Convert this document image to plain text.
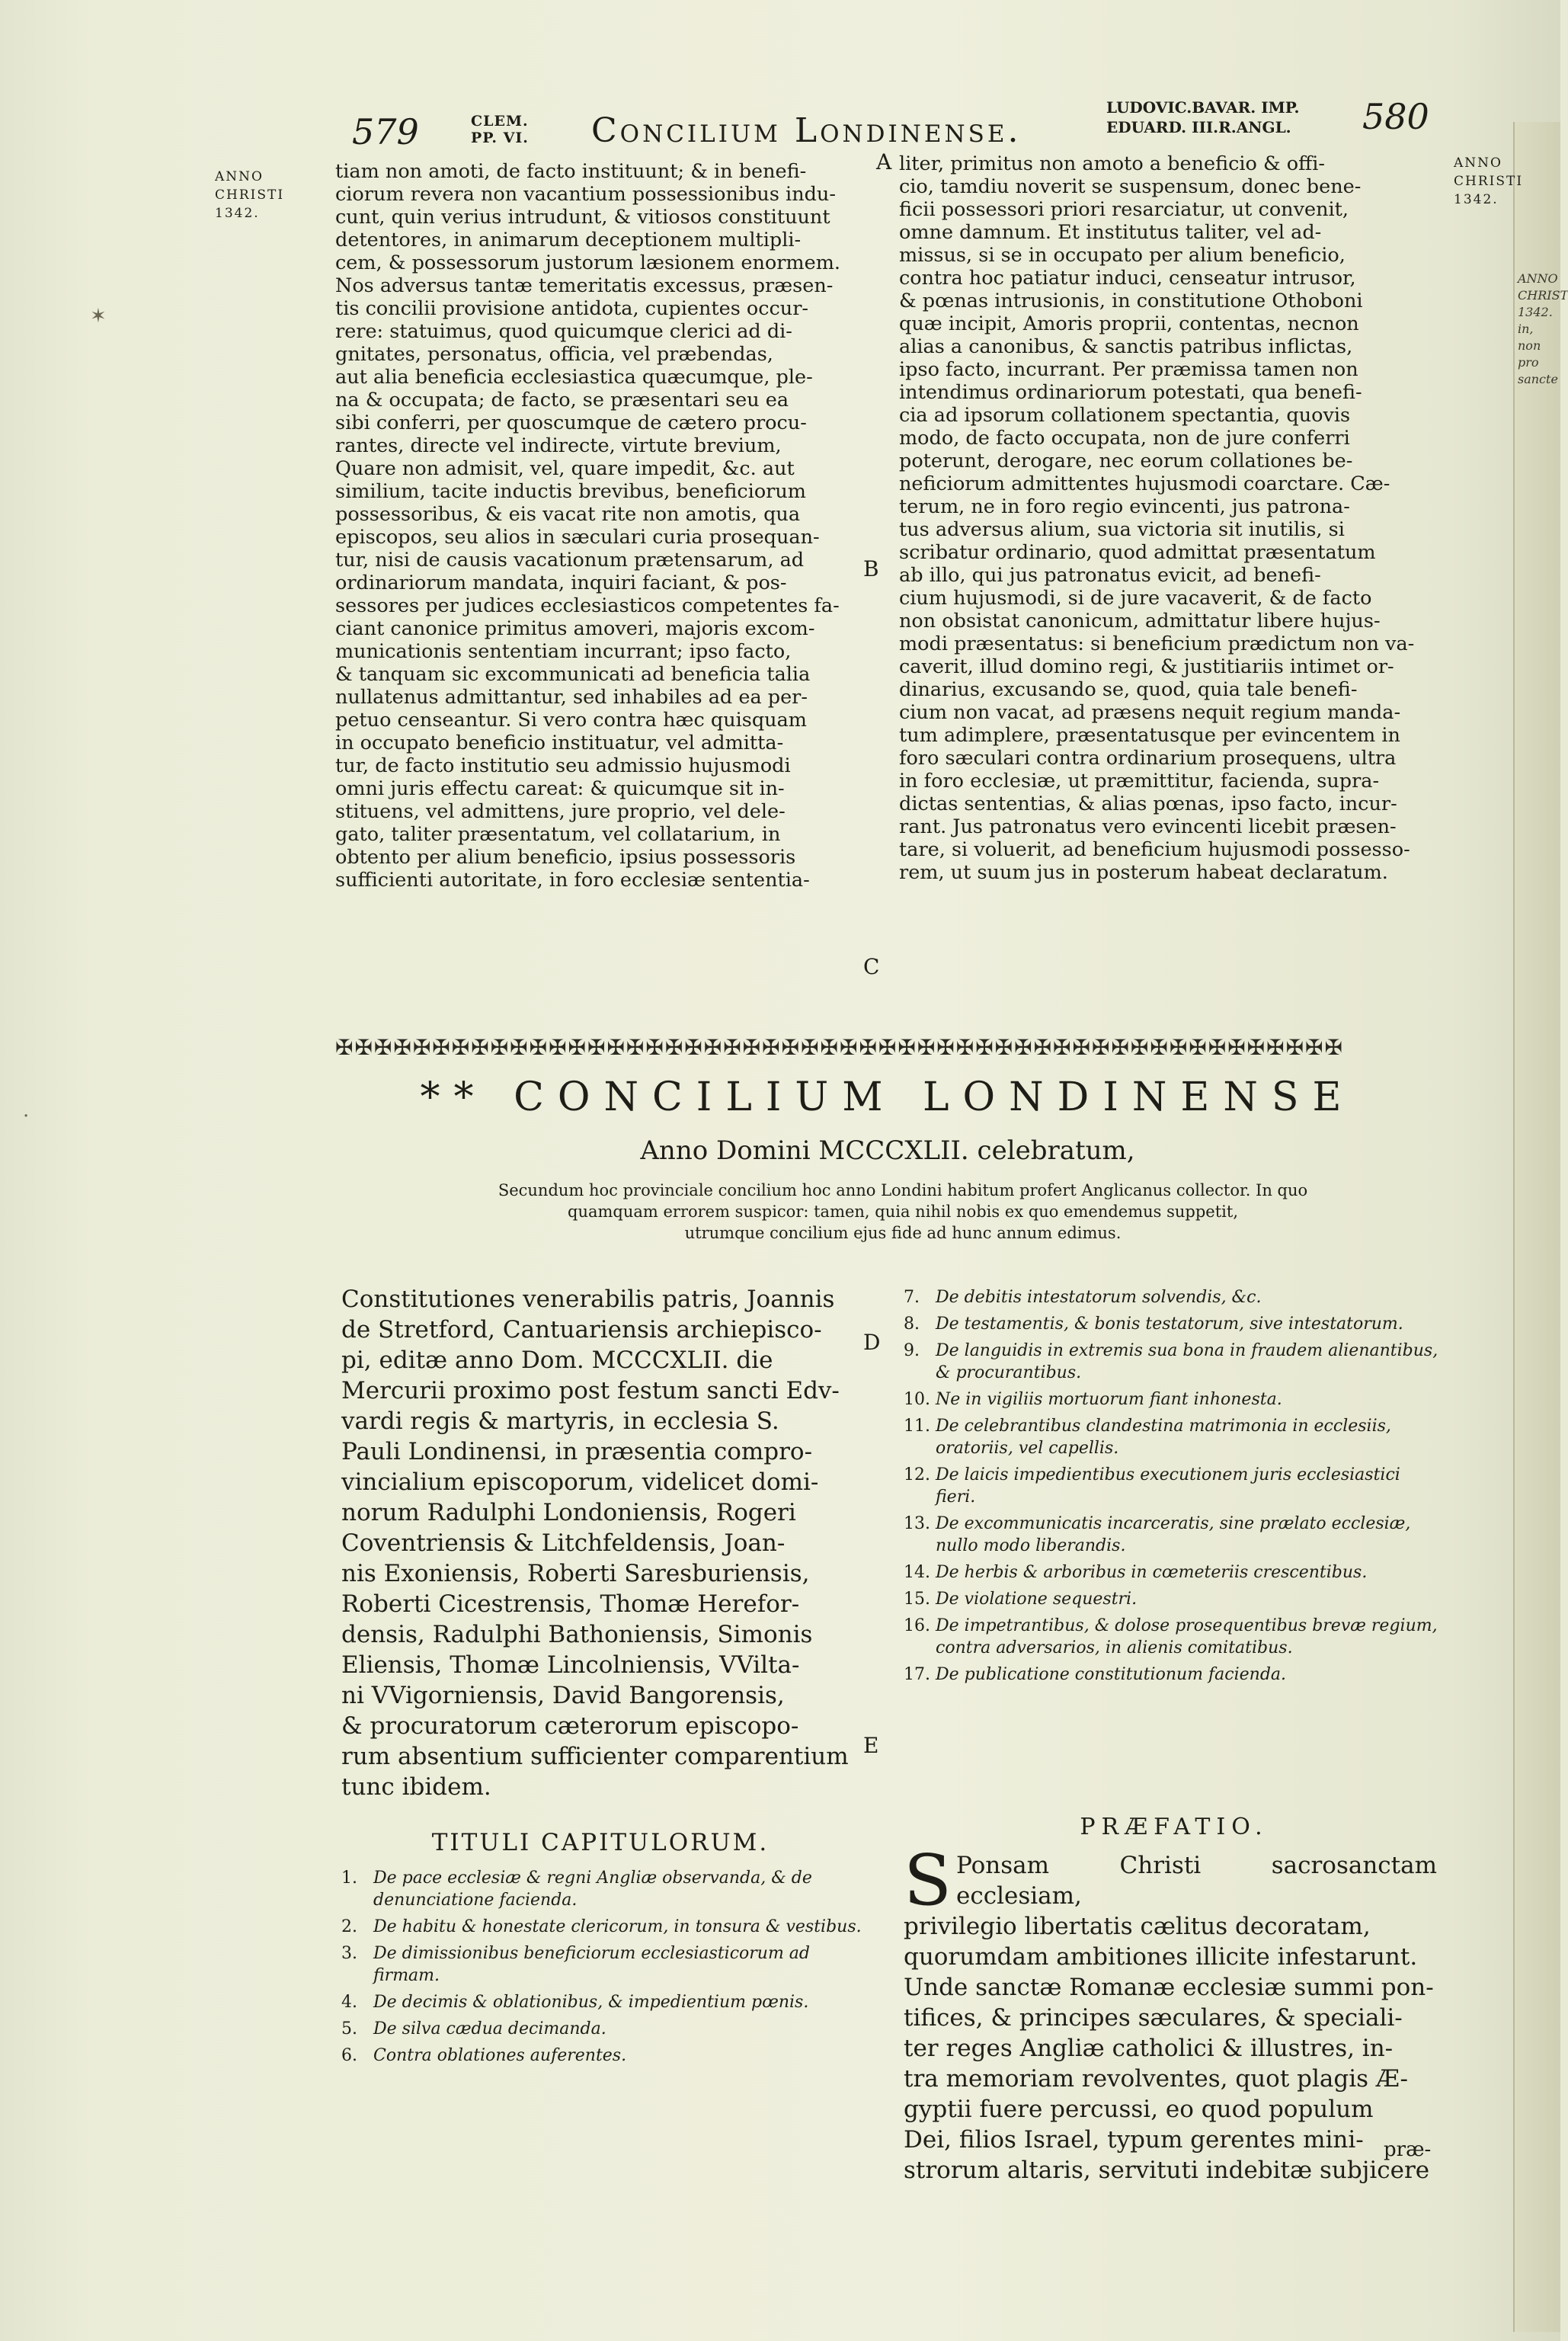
ANNO CHRIST 1342. in, non pro sancte
579	CLEM.
PP. VI. Concilium Londinense.
LUDOVIC.BAVAR. IMP.
EDUARD. III.R.ANGL. 580
ANNO
CHRISTI
1342.
ANNO
CHRISTI
1342.
tiam non amoti, de facto instituunt; & in benefi-
ciorum revera non vacantium possessionibus indu-
cunt, quin verius intrudunt, & vitiosos constituunt
detentores, in animarum deceptionem multipli-
cem, & possessorum justorum læsionem enormem.
Nos adversus tantæ temeritatis excessus, præsen-
tis concilii provisione antidota, cupientes occur-
rere: statuimus, quod quicumque clerici ad di-
gnitates, personatus, officia, vel præbendas,
aut alia beneficia ecclesiastica quæcumque, ple-
na & occupata; de facto, se præsentari seu ea
sibi conferri, per quoscumque de cætero procu-
rantes, directe vel indirecte, virtute brevium,
Quare non admisit, vel, quare impedit, &c. aut
similium, tacite inductis brevibus, beneficiorum
possessoribus, & eis vacat rite non amotis, qua
episcopos, seu alios in sæculari curia prosequan-
tur, nisi de causis vacationum prætensarum, ad
ordinariorum mandata, inquiri faciant, & pos-
sessores per judices ecclesiasticos competentes fa-
ciant canonice primitus amoveri, majoris excom-
municationis sententiam incurrant; ipso facto,
& tanquam sic excommunicati ad beneficia talia
nullatenus admittantur, sed inhabiles ad ea per-
petuo censeantur. Si vero contra hæc quisquam
in occupato beneficio instituatur, vel admitta-
tur, de facto institutio seu admissio hujusmodi
omni juris effectu careat: & quicumque sit in-
stituens, vel admittens, jure proprio, vel dele-
gato, taliter præsentatum, vel collatarium, in
obtento per alium beneficio, ipsius possessoris
sufficienti autoritate, in foro ecclesiæ sententia-
liter, primitus non amoto a beneficio & offi-
cio, tamdiu noverit se suspensum, donec bene-
ficii possessori priori resarciatur, ut convenit,
omne damnum. Et institutus taliter, vel ad-
missus, si se in occupato per alium beneficio,
contra hoc patiatur induci, censeatur intrusor,
& pœnas intrusionis, in constitutione Othoboni
quæ incipit, Amoris proprii, contentas, necnon
alias a canonibus, & sanctis patribus inflictas,
ipso facto, incurrant. Per præmissa tamen non
intendimus ordinariorum potestati, qua benefi-
cia ad ipsorum collationem spectantia, quovis
modo, de facto occupata, non de jure conferri
poterunt, derogare, nec eorum collationes be-
neficiorum admittentes hujusmodi coarctare. Cæ-
terum, ne in foro regio evincenti, jus patrona-
tus adversus alium, sua victoria sit inutilis, si
scribatur ordinario, quod admittat præsentatum
ab illo, qui jus patronatus evicit, ad benefi-
cium hujusmodi, si de jure vacaverit, & de facto
non obsistat canonicum, admittatur libere hujus-
modi præsentatus: si beneficium prædictum non va-
caverit, illud domino regi, & justitiariis intimet or-
dinarius, excusando se, quod, quia tale benefi-
cium non vacat, ad præsens nequit regium manda-
tum adimplere, præsentatusque per evincentem in
foro sæculari contra ordinarium prosequens, ultra
in foro ecclesiæ, ut præmittitur, facienda, supra-
dictas sententias, & alias pœnas, ipso facto, incur-
rant. Jus patronatus vero evincenti licebit præsen-
tare, si voluerit, ad beneficium hujusmodi possesso-
rem, ut suum jus in posterum habeat declaratum.
A
B
C
D
E
✠✠✠✠✠✠✠✠✠✠✠✠✠✠✠✠✠✠✠✠✠✠✠✠✠✠✠✠✠✠✠✠✠✠✠✠✠✠✠✠✠✠✠✠✠✠✠✠✠✠✠✠
** CONCILIUM LONDINENSE
Anno Domini MCCCXLII. celebratum,
Secundum hoc provinciale concilium hoc anno Londini habitum profert Anglicanus collector. In quo
quamquam errorem suspicor: tamen, quia nihil nobis ex quo emendemus suppetit,
utrumque concilium ejus fide ad hunc annum edimus.
Constitutiones venerabilis patris, Joannis
de Stretford, Cantuariensis archiepisco-
pi, editæ anno Dom. MCCCXLII. die
Mercurii proximo post festum sancti Edv-
vardi regis & martyris, in ecclesia S.
Pauli Londinensi, in præsentia compro-
vincialium episcoporum, videlicet domi-
norum Radulphi Londoniensis, Rogeri
Coventriensis & Litchfeldensis, Joan-
nis Exoniensis, Roberti Saresburiensis,
Roberti Cicestrensis, Thomæ Herefor-
densis, Radulphi Bathoniensis, Simonis
Eliensis, Thomæ Lincolniensis, VVilta-
ni VVigorniensis, David Bangorensis,
& procuratorum cæterorum episcopo-
rum absentium sufficienter comparentium
tunc ibidem.
TITULI CAPITULORUM.
1. De pace ecclesiæ & regni Angliæ observanda, & de denunciatione facienda.
2. De habitu & honestate clericorum, in tonsura & vestibus.
3. De dimissionibus beneficiorum ecclesiasticorum ad firmam.
4. De decimis & oblationibus, & impedientium pœnis.
5. De silva cædua decimanda.
6. Contra oblationes auferentes.
7. De debitis intestatorum solvendis, &c.
8. De testamentis, & bonis testatorum, sive intestatorum.
9. De languidis in extremis sua bona in fraudem alienantibus, & procurantibus.
10. Ne in vigiliis mortuorum fiant inhonesta.
11. De celebrantibus clandestina matrimonia in ecclesiis, oratoriis, vel capellis.
12. De laicis impedientibus executionem juris ecclesiastici fieri.
13. De excommunicatis incarceratis, sine prælato ecclesiæ, nullo modo liberandis.
14. De herbis & arboribus in cœmeteriis crescentibus.
15. De violatione sequestri.
16. De impetrantibus, & dolose prosequentibus brevæ regium, contra adversarios, in alienis comitatibus.
17. De publicatione constitutionum facienda.
PRÆFATIO.
S Ponsam Christi sacrosanctam ecclesiam,
privilegio libertatis cælitus decoratam,
quorumdam ambitiones illicite infestarunt.
Unde sanctæ Romanæ ecclesiæ summi pon-
tifices, & principes sæculares, & speciali-
ter reges Angliæ catholici & illustres, in-
tra memoriam revolventes, quot plagis Æ-
gyptii fuere percussi, eo quod populum
Dei, filios Israel, typum gerentes mini-
strorum altaris, servituti indebitæ subjicere
præ-
✶
·
